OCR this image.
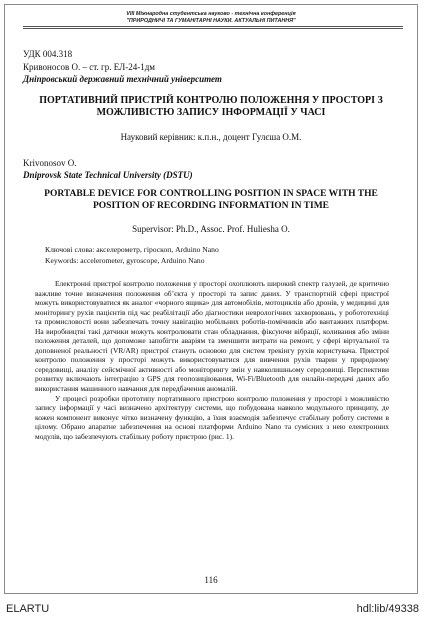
VIII Міжнародна студентська науково - технічна конференція
"ПРИРОДНИЧІ ТА ГУМАНІТАРНІ НАУКИ. АКТУАЛЬНІ ПИТАННЯ"
УДК 004.318
Кривоносов О. – ст. гр. ЕЛ-24-1дм
Дніпровський державний технічний університет
ПОРТАТИВНИЙ ПРИСТРІЙ КОНТРОЛЮ ПОЛОЖЕННЯ У ПРОСТОРІ З МОЖЛИВІСТЮ ЗАПИСУ ІНФОРМАЦІЇ У ЧАСІ
Науковий керівник: к.п.н., доцент Гулєша О.М.
Krivonosov O.
Dniprovsk State Technical University (DSTU)
PORTABLE DEVICE FOR CONTROLLING POSITION IN SPACE WITH THE POSITION OF RECORDING INFORMATION IN TIME
Supervisor: Ph.D., Assoc. Prof. Huliesha O.
Ключові слова: акселерометр, гіроскоп, Arduino Nano
Keywords: accelerometer, gyroscope, Arduino Nano

Електронні пристрої контролю положення у просторі охоплюють широкий спектр галузей, де критично важливе точне визначення положення об’єкта у просторі та запис даних. У транспортній сфері пристрої можуть використовуватися як аналог «чорного ящика» для автомобілів, мотоциклів або дронів, у медицині для моніторингу рухів пацієнтів під час реабілітації або діагностики неврологічних захворювань, у робототехніці та промисловості вони забезпечать точну навігацію мобільних роботів-помічників або вантажних платформ. На виробництві такі датчики можуть контролювати стан обладнання, фіксуючи вібрації, коливання або зміни положення деталей, що допоможе запобігти аваріям та зменшити витрати на ремонт, у сфері віртуальної та доповненої реальності (VR/AR) пристрої стануть основою для систем трекінгу рухів користувача. Пристрої контролю положення у просторі можуть використовуватися для вивчення рухів тварин у природному середовищі, аналізу сейсмічної активності або моніторингу змін у навколишньому середовищі. Перспективи розвитку включають інтеграцію з GPS для геопозиціювання, Wi-Fi/Bluetooth для онлайн-передачі даних або використання машинного навчання для передбачення аномалій.

У процесі розробки прототипу портативного пристрою контролю положення у просторі з можливістю запису інформації у часі визначено архітектуру системи, що побудована навколо модульного принципу, де кожен компонент виконує чітко визначену функцію, а їхня взаємодія забезпечує стабільну роботу системи в цілому. Обрано апаратне забезпечення на основі платформи Arduino Nano та сумісних з нею електронних модулів, що забезпечують стабільну роботу пристрою (рис. 1).

116
ELARTU	hdl:lib/49338
